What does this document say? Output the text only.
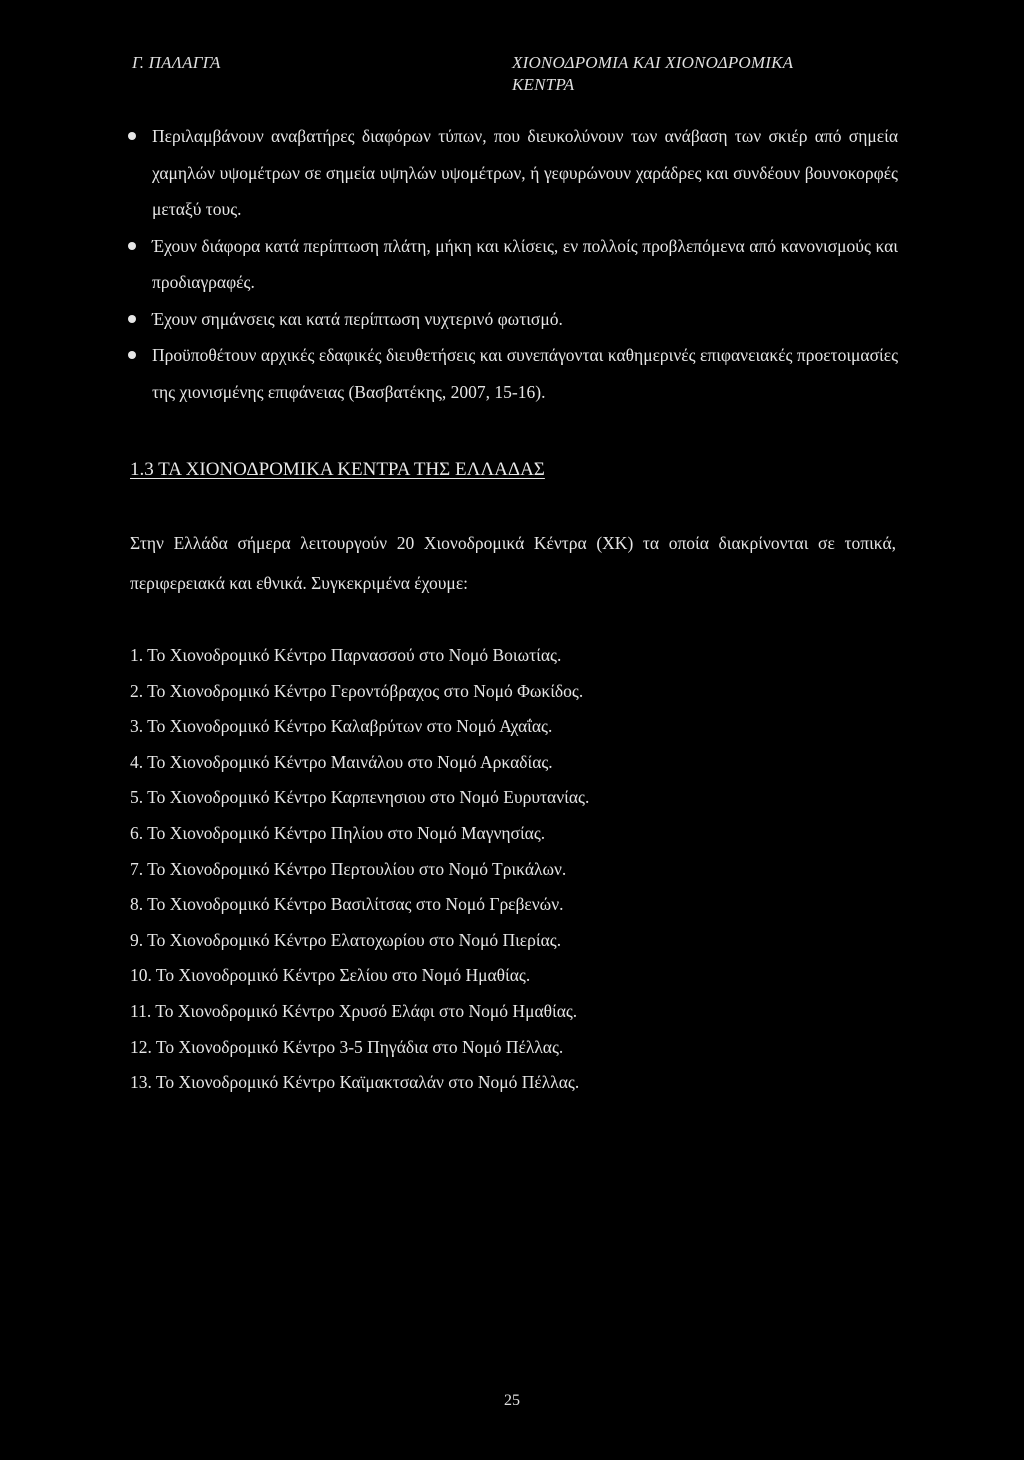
Γ. ΠΑΛΑΓΓΑ	ΧΙΟΝΟΔΡΟΜΙΑ ΚΑΙ ΧΙΟΝΟΔΡΟΜΙΚΑ
ΚΕΝΤΡΑ
Περιλαμβάνουν αναβατήρες διαφόρων τύπων, που διευκολύνουν των ανάβαση των σκιέρ από σημεία χαμηλών υψομέτρων σε σημεία υψηλών υψομέτρων, ή γεφυρώνουν χαράδρες και συνδέουν βουνοκορφές μεταξύ τους.
Έχουν διάφορα κατά περίπτωση πλάτη, μήκη και κλίσεις, εν πολλοίς προβλεπόμενα από κανονισμούς και προδιαγραφές.
Έχουν σημάνσεις και κατά περίπτωση νυχτερινό φωτισμό.
Προϋποθέτουν αρχικές εδαφικές διευθετήσεις και συνεπάγονται καθημερινές επιφανειακές προετοιμασίες της χιονισμένης επιφάνειας (Βασβατέκης, 2007, 15-16).
1.3 ΤΑ ΧΙΟΝΟΔΡΟΜΙΚΑ ΚΕΝΤΡΑ ΤΗΣ ΕΛΛΑΔΑΣ

Στην Ελλάδα σήμερα λειτουργούν 20 Χιονοδρομικά Κέντρα (ΧΚ) τα οποία διακρίνονται σε τοπικά, περιφερειακά και εθνικά. Συγκεκριμένα έχουμε:

1. Το Χιονοδρομικό Κέντρο Παρνασσού στο Νομό Βοιωτίας.
2. Το Χιονοδρομικό Κέντρο Γεροντόβραχος στο Νομό Φωκίδος.
3. Το Χιονοδρομικό Κέντρο Καλαβρύτων στο Νομό Αχαΐας.
4. Το Χιονοδρομικό Κέντρο Μαινάλου στο Νομό Αρκαδίας.
5. Το Χιονοδρομικό Κέντρο Καρπενησιου στο Νομό Ευρυτανίας.
6. Το Χιονοδρομικό Κέντρο Πηλίου στο Νομό Μαγνησίας.
7. Το Χιονοδρομικό Κέντρο Περτουλίου στο Νομό Τρικάλων.
8. Το Χιονοδρομικό Κέντρο Βασιλίτσας στο Νομό Γρεβενών.
9. Το Χιονοδρομικό Κέντρο Ελατοχωρίου στο Νομό Πιερίας.
10. Το Χιονοδρομικό Κέντρο Σελίου στο Νομό Ημαθίας.
11. Το Χιονοδρομικό Κέντρο Χρυσό Ελάφι στο Νομό Ημαθίας.
12. Το Χιονοδρομικό Κέντρο 3-5 Πηγάδια στο Νομό Πέλλας.
13. Το Χιονοδρομικό Κέντρο Καϊμακτσαλάν στο Νομό Πέλλας.
25
